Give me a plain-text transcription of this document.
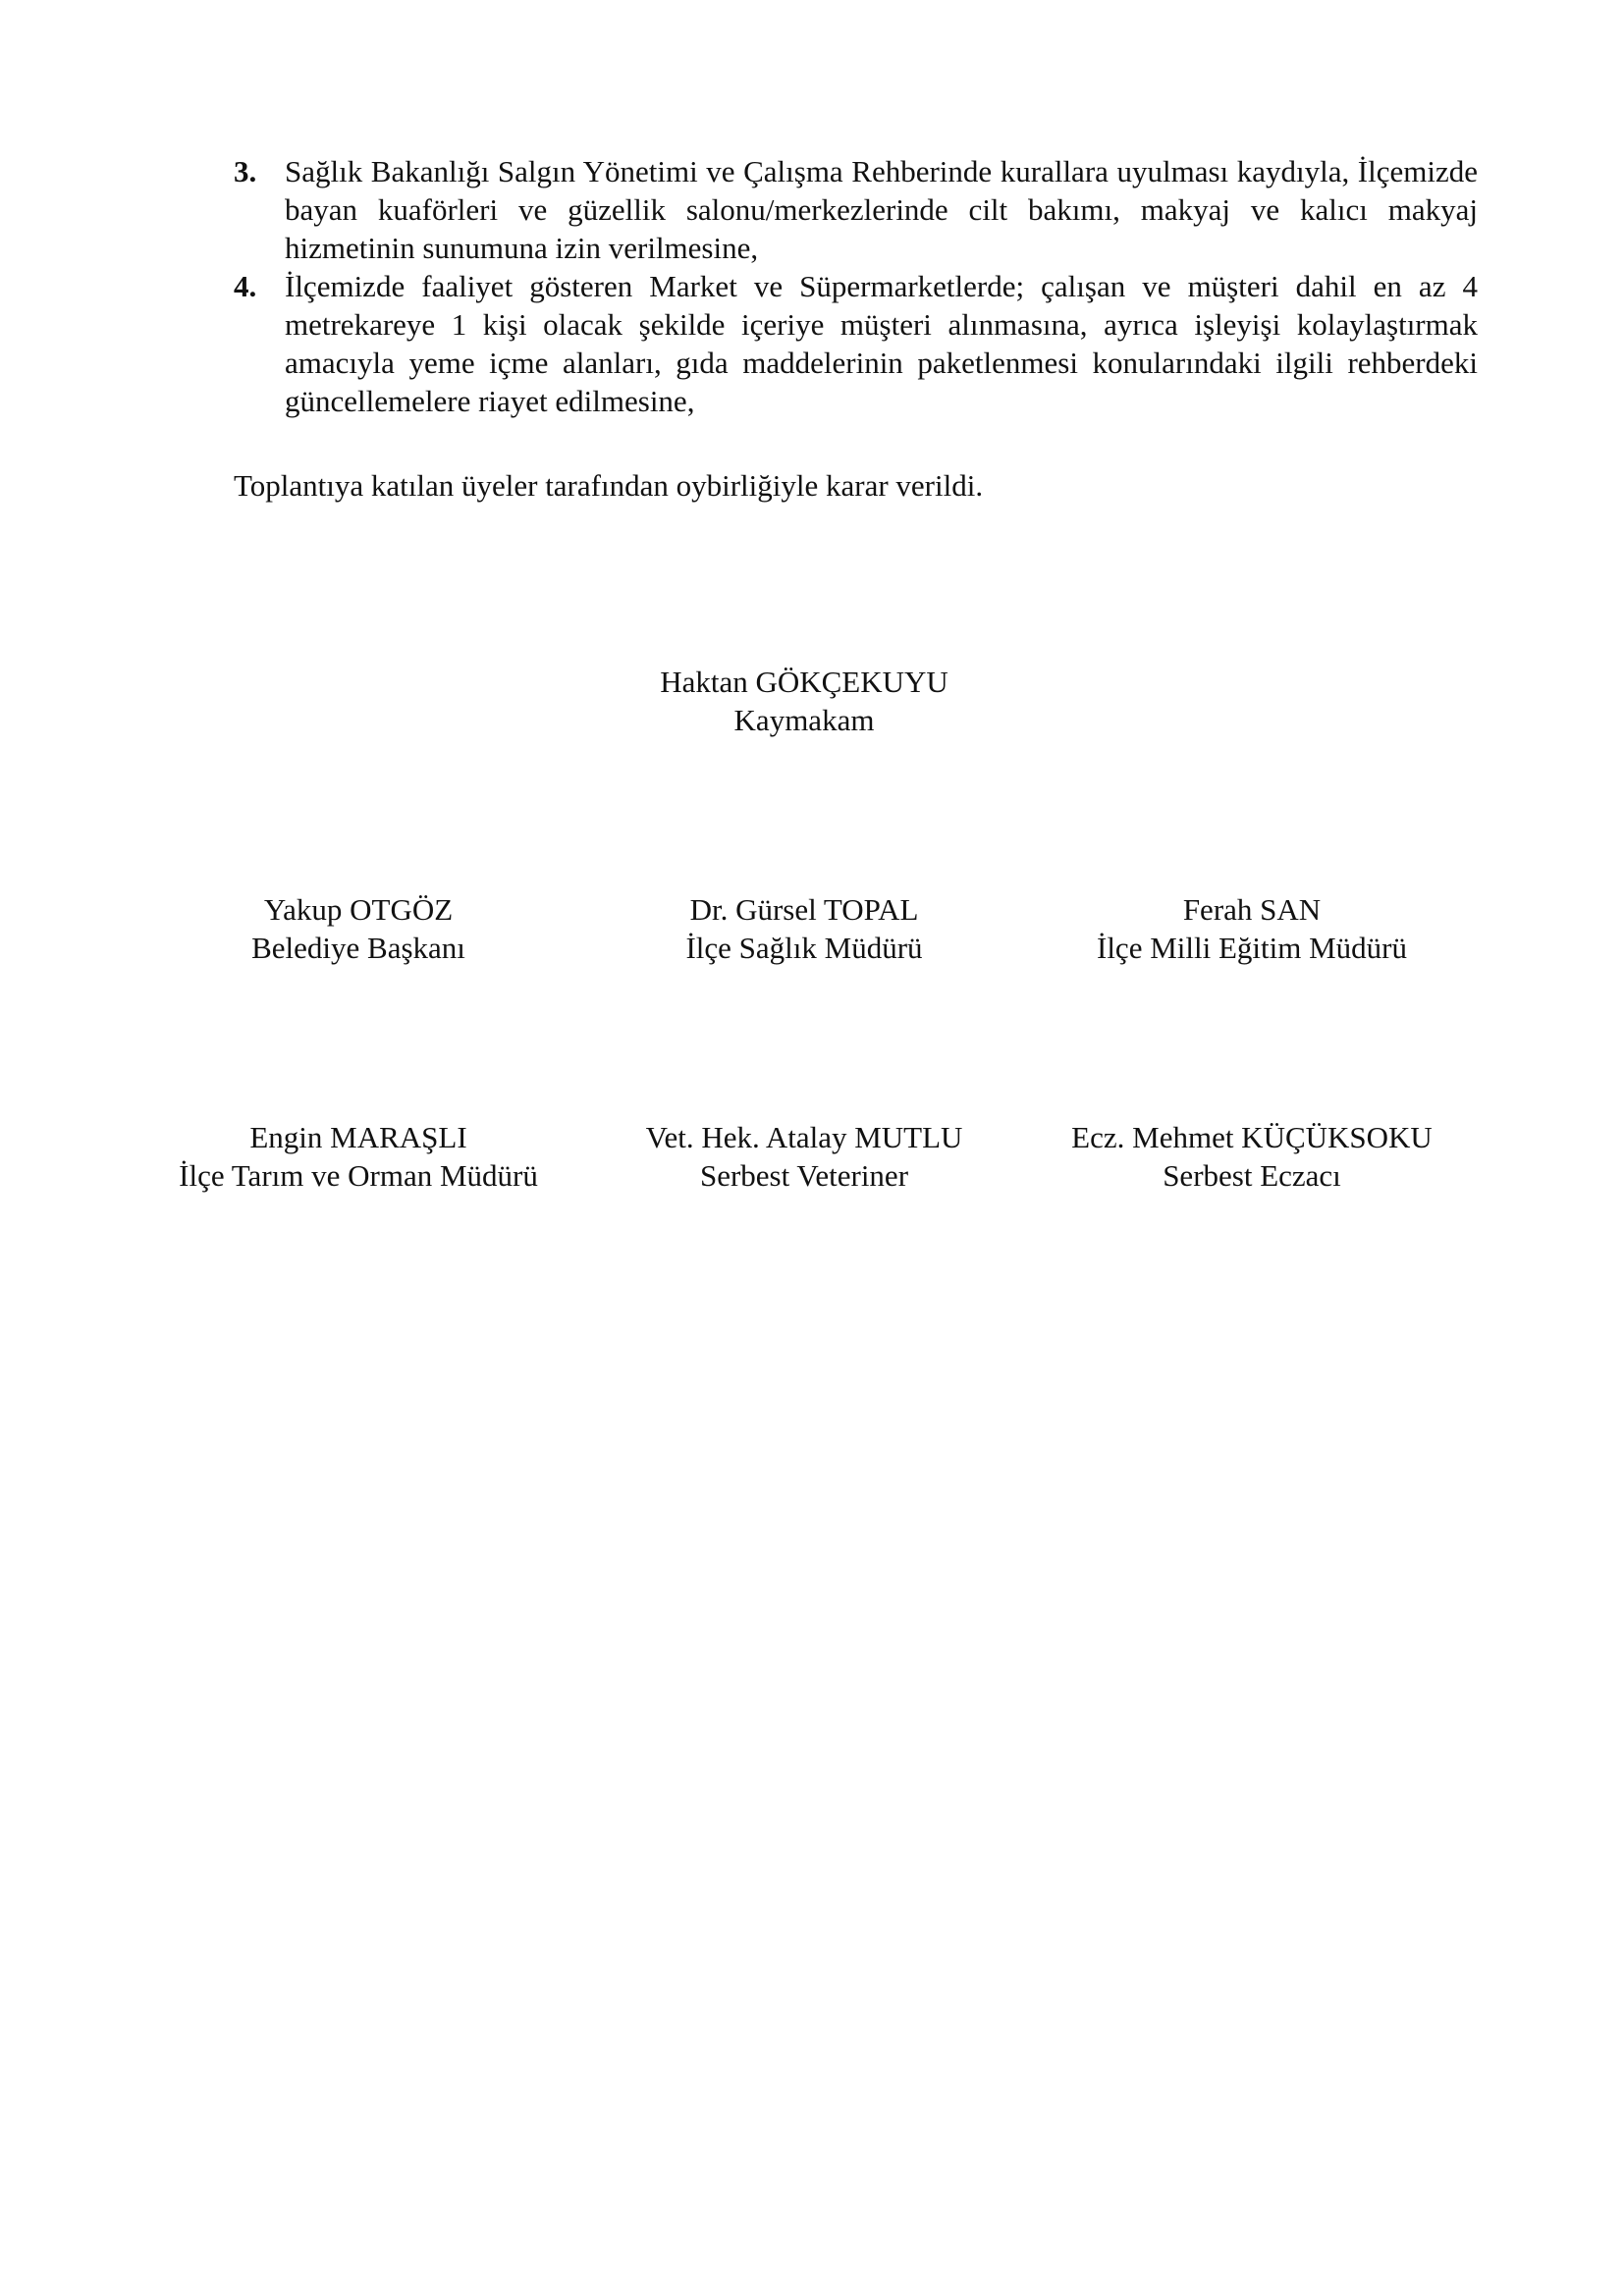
3. Sağlık Bakanlığı Salgın Yönetimi ve Çalışma Rehberinde kurallara uyulması kaydıyla, İlçemizde bayan kuaförleri ve güzellik salonu/merkezlerinde cilt bakımı, makyaj ve kalıcı makyaj hizmetinin sunumuna izin verilmesine,
4. İlçemizde faaliyet gösteren Market ve Süpermarketlerde; çalışan ve müşteri dahil en az 4 metrekareye 1 kişi olacak şekilde içeriye müşteri alınmasına, ayrıca işleyişi kolaylaştırmak amacıyla yeme içme alanları, gıda maddelerinin paketlenmesi konularındaki ilgili rehberdeki güncellemelere riayet edilmesine,
Toplantıya katılan üyeler tarafından oybirliğiyle karar verildi.
Haktan GÖKÇEKUYU
Kaymakam
Yakup OTGÖZ
Belediye Başkanı
Dr. Gürsel TOPAL
İlçe Sağlık Müdürü
Ferah SAN
İlçe Milli Eğitim Müdürü
Engin MARAŞLI
İlçe Tarım ve Orman Müdürü
Vet. Hek. Atalay MUTLU
Serbest Veteriner
Ecz. Mehmet KÜÇÜKSOKU
Serbest Eczacı
